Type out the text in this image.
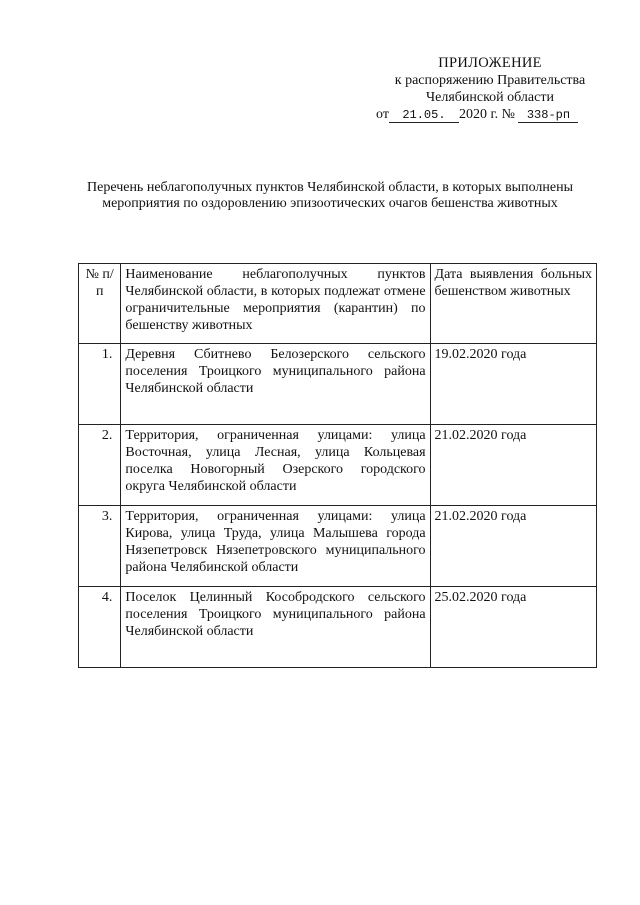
ПРИЛОЖЕНИЕ
к распоряжению Правительства
Челябинской области
от 21.05. 2020 г. № 338-рп
Перечень неблагополучных пунктов Челябинской области, в которых выполнены мероприятия по оздоровлению эпизоотических очагов бешенства животных
№ п/п	Наименование неблагополучных пунктов Челябинской области, в которых подлежат отмене ограничительные мероприятия (карантин) по бешенству животных	Дата выявления больных бешенством животных
1.	Деревня Сбитнево Белозерского сельского поселения Троицкого муниципального района Челябинской области	19.02.2020 года
2.	Территория, ограниченная улицами: улица Восточная, улица Лесная, улица Кольцевая поселка Новогорный Озерского городского округа Челябинской области	21.02.2020 года
3.	Территория, ограниченная улицами: улица Кирова, улица Труда, улица Малышева города Нязепетровск Нязепетровского муниципального района Челябинской области	21.02.2020 года
4.	Поселок Целинный Кособродского сельского поселения Троицкого муниципального района Челябинской области	25.02.2020 года
